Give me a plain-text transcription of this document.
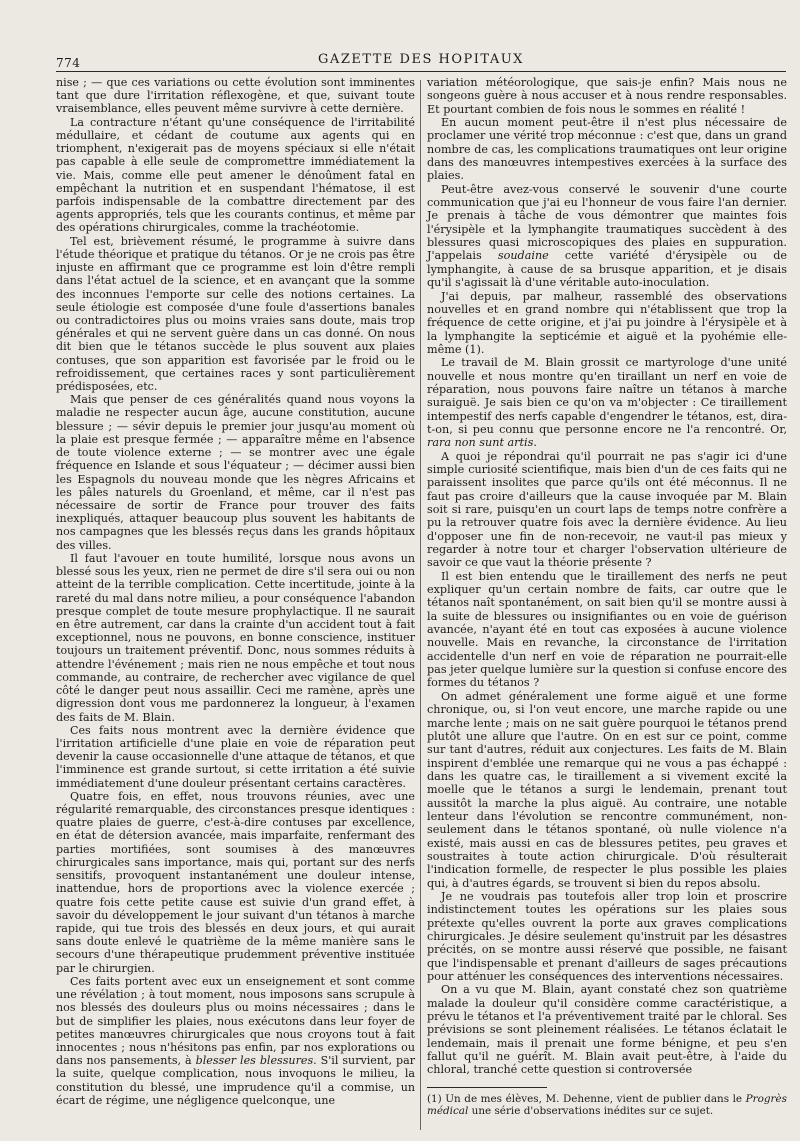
774	GAZETTE DES HOPITAUX

nise ; — que ces variations ou cette évolution sont imminentes tant que dure l'irritation réflexogène, et que, suivant toute vraisemblance, elles peuvent même survivre à cette dernière.

La contracture n'étant qu'une conséquence de l'irritabilité médullaire, et cédant de coutume aux agents qui en triomphent, n'exigerait pas de moyens spéciaux si elle n'était pas capable à elle seule de compromettre immédiatement la vie. Mais, comme elle peut amener le dénoûment fatal en empêchant la nutrition et en suspendant l'hématose, il est parfois indispensable de la combattre directement par des agents appropriés, tels que les courants continus, et même par des opérations chirurgicales, comme la trachéotomie.

Tel est, brièvement résumé, le programme à suivre dans l'étude théorique et pratique du tétanos. Or je ne crois pas être injuste en affirmant que ce programme est loin d'être rempli dans l'état actuel de la science, et en avançant que la somme des inconnues l'emporte sur celle des notions certaines. La seule étiologie est composée d'une foule d'assertions banales ou contradictoires plus ou moins vraies sans doute, mais trop générales et qui ne servent guère dans un cas donné. On nous dit bien que le tétanos succède le plus souvent aux plaies contuses, que son apparition est favorisée par le froid ou le refroidissement, que certaines races y sont particulièrement prédisposées, etc.

Mais que penser de ces généralités quand nous voyons la maladie ne respecter aucun âge, aucune constitution, aucune blessure ; — sévir depuis le premier jour jusqu'au moment où la plaie est presque fermée ; — apparaître même en l'absence de toute violence externe ; — se montrer avec une égale fréquence en Islande et sous l'équateur ; — décimer aussi bien les Espagnols du nouveau monde que les nègres Africains et les pâles naturels du Groenland, et même, car il n'est pas nécessaire de sortir de France pour trouver des faits inexpliqués, attaquer beaucoup plus souvent les habitants de nos campagnes que les blessés reçus dans les grands hôpitaux des villes.

Il faut l'avouer en toute humilité, lorsque nous avons un blessé sous les yeux, rien ne permet de dire s'il sera oui ou non atteint de la terrible complication. Cette incertitude, jointe à la rareté du mal dans notre milieu, a pour conséquence l'abandon presque complet de toute mesure prophylactique. Il ne saurait en être autrement, car dans la crainte d'un accident tout à fait exceptionnel, nous ne pouvons, en bonne conscience, instituer toujours un traitement préventif. Donc, nous sommes réduits à attendre l'événement ; mais rien ne nous empêche et tout nous commande, au contraire, de rechercher avec vigilance de quel côté le danger peut nous assaillir. Ceci me ramène, après une digression dont vous me pardonnerez la longueur, à l'examen des faits de M. Blain.

Ces faits nous montrent avec la dernière évidence que l'irritation artificielle d'une plaie en voie de réparation peut devenir la cause occasionnelle d'une attaque de tétanos, et que l'imminence est grande surtout, si cette irritation a été suivie immédiatement d'une douleur présentant certains caractères.

Quatre fois, en effet, nous trouvons réunies, avec une régularité remarquable, des circonstances presque identiques : quatre plaies de guerre, c'est-à-dire contuses par excellence, en état de détersion avancée, mais imparfaite, renfermant des parties mortifiées, sont soumises à des manœuvres chirurgicales sans importance, mais qui, portant sur des nerfs sensitifs, provoquent instantanément une douleur intense, inattendue, hors de proportions avec la violence exercée ; quatre fois cette petite cause est suivie d'un grand effet, à savoir du développement le jour suivant d'un tétanos à marche rapide, qui tue trois des blessés en deux jours, et qui aurait sans doute enlevé le quatrième de la même manière sans le secours d'une thérapeutique prudemment préventive instituée par le chirurgien.

Ces faits portent avec eux un enseignement et sont comme une révélation ; à tout moment, nous imposons sans scrupule à nos blessés des douleurs plus ou moins nécessaires ; dans le but de simplifier les plaies, nous exécutons dans leur foyer de petites manœuvres chirurgicales que nous croyons tout à fait innocentes ; nous n'hésitons pas enfin, par nos explorations ou dans nos pansements, à blesser les blessures. S'il survient, par la suite, quelque complication, nous invoquons le milieu, la constitution du blessé, une imprudence qu'il a commise, un écart de régime, une négligence quelconque, une

variation météorologique, que sais-je enfin? Mais nous ne songeons guère à nous accuser et à nous rendre responsables. Et pourtant combien de fois nous le sommes en réalité !

En aucun moment peut-être il n'est plus nécessaire de proclamer une vérité trop méconnue : c'est que, dans un grand nombre de cas, les complications traumatiques ont leur origine dans des manœuvres intempestives exercées à la surface des plaies.

Peut-être avez-vous conservé le souvenir d'une courte communication que j'ai eu l'honneur de vous faire l'an dernier. Je prenais à tâche de vous démontrer que maintes fois l'érysipèle et la lymphangite traumatiques succèdent à des blessures quasi microscopiques des plaies en suppuration. J'appelais soudaine cette variété d'érysipèle ou de lymphangite, à cause de sa brusque apparition, et je disais qu'il s'agissait là d'une véritable auto-inoculation.

J'ai depuis, par malheur, rassemblé des observations nouvelles et en grand nombre qui n'établissent que trop la fréquence de cette origine, et j'ai pu joindre à l'érysipèle et à la lymphangite la septicémie et aiguë et la pyohémie elle-même (1).

Le travail de M. Blain grossit ce martyrologe d'une unité nouvelle et nous montre qu'en tiraillant un nerf en voie de réparation, nous pouvons faire naître un tétanos à marche suraiguë. Je sais bien ce qu'on va m'objecter : Ce tiraillement intempestif des nerfs capable d'engendrer le tétanos, est, dira-t-on, si peu connu que personne encore ne l'a rencontré. Or, rara non sunt artis.

A quoi je répondrai qu'il pourrait ne pas s'agir ici d'une simple curiosité scientifique, mais bien d'un de ces faits qui ne paraissent insolites que parce qu'ils ont été méconnus. Il ne faut pas croire d'ailleurs que la cause invoquée par M. Blain soit si rare, puisqu'en un court laps de temps notre confrère a pu la retrouver quatre fois avec la dernière évidence. Au lieu d'opposer une fin de non-recevoir, ne vaut-il pas mieux y regarder à notre tour et charger l'observation ultérieure de savoir ce que vaut la théorie présente ?

Il est bien entendu que le tiraillement des nerfs ne peut expliquer qu'un certain nombre de faits, car outre que le tétanos naît spontanément, on sait bien qu'il se montre aussi à la suite de blessures ou insignifiantes ou en voie de guérison avancée, n'ayant été en tout cas exposées à aucune violence nouvelle. Mais en revanche, la circonstance de l'irritation accidentelle d'un nerf en voie de réparation ne pourrait-elle pas jeter quelque lumière sur la question si confuse encore des formes du tétanos ?

On admet généralement une forme aiguë et une forme chronique, ou, si l'on veut encore, une marche rapide ou une marche lente ; mais on ne sait guère pourquoi le tétanos prend plutôt une allure que l'autre. On en est sur ce point, comme sur tant d'autres, réduit aux conjectures. Les faits de M. Blain inspirent d'emblée une remarque qui ne vous a pas échappé : dans les quatre cas, le tiraillement a si vivement excité la moelle que le tétanos a surgi le lendemain, prenant tout aussitôt la marche la plus aiguë. Au contraire, une notable lenteur dans l'évolution se rencontre communément, non-seulement dans le tétanos spontané, où nulle violence n'a existé, mais aussi en cas de blessures petites, peu graves et soustraites à toute action chirurgicale. D'où résulterait l'indication formelle, de respecter le plus possible les plaies qui, à d'autres égards, se trouvent si bien du repos absolu.

Je ne voudrais pas toutefois aller trop loin et proscrire indistinctement toutes les opérations sur les plaies sous prétexte qu'elles ouvrent la porte aux graves complications chirurgicales. Je désire seulement qu'instruit par les désastres précités, on se montre aussi réservé que possible, ne faisant que l'indispensable et prenant d'ailleurs de sages précautions pour atténuer les conséquences des interventions nécessaires.

On a vu que M. Blain, ayant constaté chez son quatrième malade la douleur qu'il considère comme caractéristique, a prévu le tétanos et l'a préventivement traité par le chloral. Ses prévisions se sont pleinement réalisées. Le tétanos éclatait le lendemain, mais il prenait une forme bénigne, et peu s'en fallut qu'il ne guérît. M. Blain avait peut-être, à l'aide du chloral, tranché cette question si controversée

(1) Un de mes élèves, M. Dehenne, vient de publier dans le Progrès médical une série d'observations inédites sur ce sujet.
